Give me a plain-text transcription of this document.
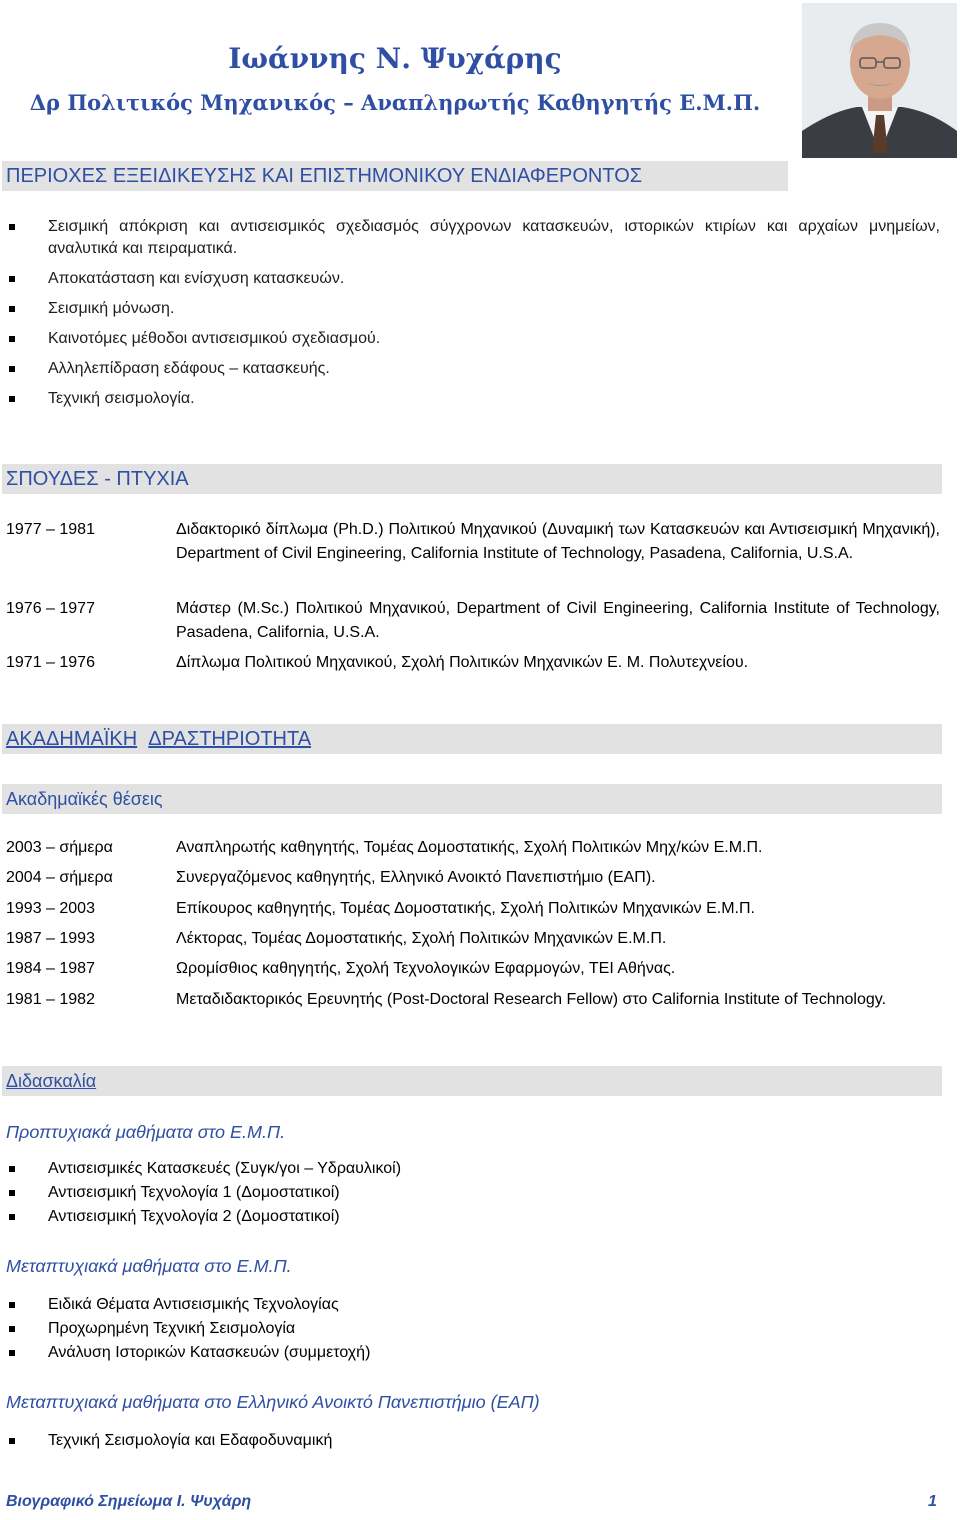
Ιωάννης Ν. Ψυχάρης
Δρ Πολιτικός Μηχανικός – Αναπληρωτής Καθηγητής Ε.Μ.Π.
ΠΕΡΙΟΧΕΣ ΕΞΕΙΔΙΚΕΥΣΗΣ ΚΑΙ ΕΠΙΣΤΗΜΟΝΙΚΟΥ ΕΝΔΙΑΦΕΡΟΝΤΟΣ
Σεισμική απόκριση και αντισεισμικός σχεδιασμός σύγχρονων κατασκευών, ιστορικών κτιρίων και αρχαίων μνημείων, αναλυτικά και πειραματικά.
Αποκατάσταση και ενίσχυση κατασκευών.
Σεισμική μόνωση.
Καινοτόμες μέθοδοι αντισεισμικού σχεδιασμού.
Αλληλεπίδραση εδάφους – κατασκευής.
Τεχνική σεισμολογία.
ΣΠΟΥΔΕΣ - ΠΤΥΧΙΑ
1977 – 1981	Διδακτορικό δίπλωμα (Ph.D.) Πολιτικού Μηχανικού (Δυναμική των Κατασκευών και Αντισεισμική Μηχανική), Department of Civil Engineering, California Institute of Technology, Pasadena, California, U.S.A.
1976 – 1977	Μάστερ (M.Sc.) Πολιτικού Μηχανικού, Department of Civil Engineering, California Institute of Technology, Pasadena, California, U.S.A.
1971 – 1976	Δίπλωμα Πολιτικού Μηχανικού, Σχολή Πολιτικών Μηχανικών Ε. Μ. Πολυτεχνείου.
ΑΚΑΔΗΜΑΪΚΗ ΔΡΑΣΤΗΡΙΟΤΗΤΑ
Ακαδημαϊκές θέσεις
2003 – σήμερα	Αναπληρωτής καθηγητής, Τομέας Δομοστατικής, Σχολή Πολιτικών Μηχ/κών Ε.Μ.Π.
2004 – σήμερα	Συνεργαζόμενος καθηγητής, Ελληνικό Ανοικτό Πανεπιστήμιο (ΕΑΠ).
1993 – 2003	Επίκουρος καθηγητής, Τομέας Δομοστατικής, Σχολή Πολιτικών Μηχανικών Ε.Μ.Π.
1987 – 1993	Λέκτορας, Τομέας Δομοστατικής, Σχολή Πολιτικών Μηχανικών Ε.Μ.Π.
1984 – 1987	Ωρομίσθιος καθηγητής, Σχολή Τεχνολογικών Εφαρμογών, ΤΕΙ Αθήνας.
1981 – 1982	Μεταδιδακτορικός Ερευνητής (Post-Doctoral Research Fellow) στο California Institute of Technology.
Διδασκαλία
Προπτυχιακά μαθήματα στο Ε.Μ.Π.
Αντισεισμικές Κατασκευές (Συγκ/γοι – Υδραυλικοί)
Αντισεισμική Τεχνολογία 1 (Δομοστατικοί)
Αντισεισμική Τεχνολογία 2 (Δομοστατικοί)
Μεταπτυχιακά μαθήματα στο Ε.Μ.Π.
Ειδικά Θέματα Αντισεισμικής Τεχνολογίας
Προχωρημένη Τεχνική Σεισμολογία
Ανάλυση Ιστορικών Κατασκευών (συμμετοχή)
Μεταπτυχιακά μαθήματα στο Ελληνικό Ανοικτό Πανεπιστήμιο (ΕΑΠ)
Τεχνική Σεισμολογία και Εδαφοδυναμική
Βιογραφικό Σημείωμα Ι. Ψυχάρη	1
